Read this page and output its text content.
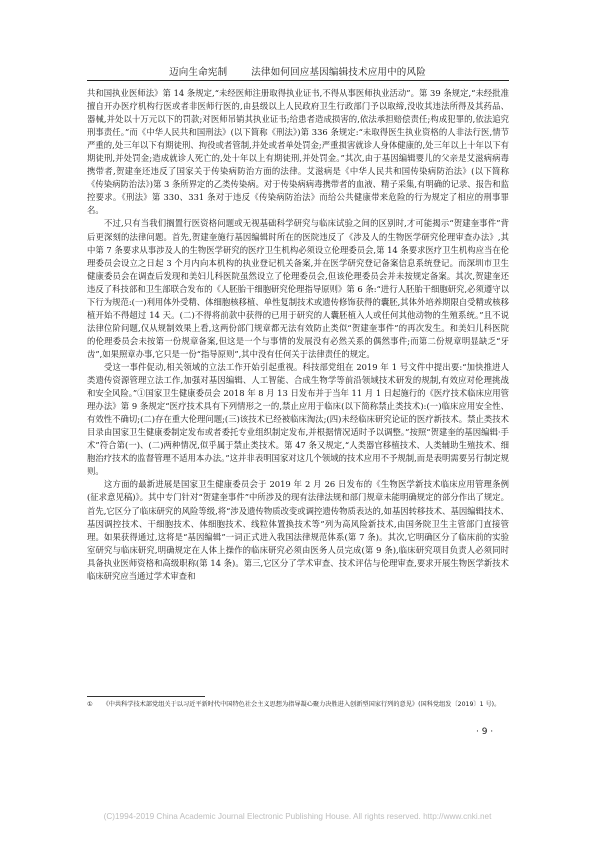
迈向生命宪制	法律如何回应基因编辑技术应用中的风险

共和国执业医师法》第 14 条规定,“未经医师注册取得执业证书,不得从事医师执业活动”。第 39 条规定,“未经批准擅自开办医疗机构行医或者非医师行医的,由县级以上人民政府卫生行政部门予以取缔,没收其违法所得及其药品、器械,并处以十万元以下的罚款;对医师吊销其执业证书;给患者造成损害的,依法承担赔偿责任;构成犯罪的,依法追究刑事责任。”而《中华人民共和国刑法》(以下简称《刑法》)第 336 条规定:“未取得医生执业资格的人非法行医,情节严重的,处三年以下有期徒刑、拘役或者管制,并处或者单处罚金;严重损害就诊人身体健康的,处三年以上十年以下有期徒刑,并处罚金;造成就诊人死亡的,处十年以上有期徒刑,并处罚金。”其次,由于基因编辑婴儿的父亲是艾滋病病毒携带者,贺建奎还违反了国家关于传染病防治方面的法律。艾滋病是《中华人民共和国传染病防治法》(以下简称《传染病防治法》)第 3 条所界定的乙类传染病。对于传染病病毒携带者的血液、精子采集,有明确的记录、报告和监控要求。《刑法》第 330、331 条对于违反《传染病防治法》而给公共健康带来危险的行为规定了相应的刑事罪名。

不过,只有当我们搁置行医资格问题或无视基础科学研究与临床试验之间的区别时,才可能揭示“贺建奎事件”背后更深刻的法律问题。首先,贺建奎施行基因编辑时所在的医院违反了《涉及人的生物医学研究伦理审查办法》,其中第 7 条要求从事涉及人的生物医学研究的医疗卫生机构必须设立伦理委员会,第 14 条要求医疗卫生机构应当在伦理委员会设立之日起 3 个月内向本机构的执业登记机关备案,并在医学研究登记备案信息系统登记。而深圳市卫生健康委员会在调查后发现和美妇儿科医院虽然设立了伦理委员会,但该伦理委员会并未按规定备案。其次,贺建奎还违反了科技部和卫生部联合发布的《人胚胎干细胞研究伦理指导原则》第 6 条:“进行人胚胎干细胞研究,必须遵守以下行为规范:(一)利用体外受精、体细胞核移植、单性复制技术或遗传修饰获得的囊胚,其体外培养期限自受精或核移植开始不得超过 14 天。(二)不得将前款中获得的已用于研究的人囊胚植入人或任何其他动物的生殖系统。”且不说法律位阶问题,仅从规制效果上看,这两份部门规章都无法有效防止类似“贺建奎事件”的再次发生。和美妇儿科医院的伦理委员会未按第一份规章备案,但这是一个与事情的发展没有必然关系的偶然事件;而第二份规章明显缺乏“牙齿”,如果照章办事,它只是一份“指导原则”,其中没有任何关于法律责任的规定。

受这一事件促动,相关领域的立法工作开始引起重视。科技部党组在 2019 年 1 号文件中提出要:“加快推进人类遗传资源管理立法工作,加强对基因编辑、人工智能、合成生物学等前沿领域技术研发的规制,有效应对伦理挑战和安全风险。”①国家卫生健康委员会 2018 年 8 月 13 日发布并于当年 11 月 1 日起施行的《医疗技术临床应用管理办法》第 9 条规定“医疗技术具有下列情形之一的,禁止应用于临床(以下简称禁止类技术):(一)临床应用安全性、有效性不确切;(二)存在重大伦理问题;(三)该技术已经被临床淘汰;(四)未经临床研究论证的医疗新技术。禁止类技术目录由国家卫生健康委制定发布或者委托专业组织制定发布,并根据情况适时予以调整。”按照“贺建奎的基因编辑·手术”符合第(一)、(二)两种情况,似乎属于禁止类技术。第 47 条又规定,“人类器官移植技术、人类辅助生殖技术、细胞治疗技术的监督管理不适用本办法。”这并非表明国家对这几个领域的技术应用不予规制,而是表明需要另行制定规则。

这方面的最新进展是国家卫生健康委员会于 2019 年 2 月 26 日发布的《生物医学新技术临床应用管理条例(征求意见稿)》。其中专门针对“贺建奎事件”中所涉及的现有法律法规和部门规章未能明确规定的部分作出了规定。首先,它区分了临床研究的风险等级,将“涉及遗传物质改变或调控遗传物质表达的,如基因转移技术、基因编辑技术、基因调控技术、干细胞技术、体细胞技术、线粒体置换技术等”列为高风险新技术,由国务院卫生主管部门直接管理。如果获得通过,这将是“基因编辑”一词正式进入我国法律规范体系(第 7 条)。其次,它明确区分了临床前的实验室研究与临床研究,明确规定在人体上操作的临床研究必须由医务人员完成(第 9 条),临床研究项目负责人必须同时具备执业医师资格和高级职称(第 14 条)。第三,它区分了学术审查、技术评估与伦理审查,要求开展生物医学新技术临床研究应当通过学术审查和

① 《中共科学技术部党组关于以习近平新时代中国特色社会主义思想为指导凝心聚力决胜进入创新型国家行列的意见》(国科党组发〔2019〕1 号)。
· 9 ·
(C)1994-2019 China Academic Journal Electronic Publishing House. All rights reserved. http://www.cnki.net
